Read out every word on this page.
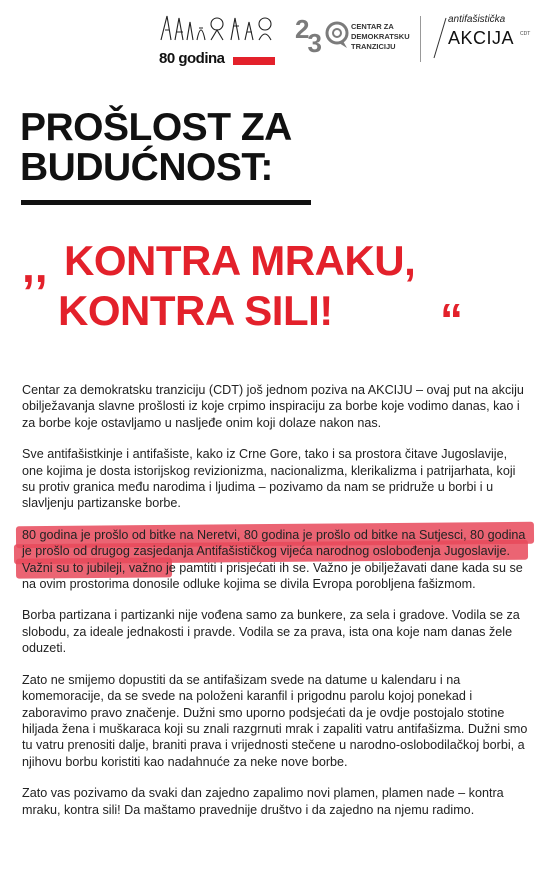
80 godina
23
CENTAR ZA
DEMOKRATSKU
TRANZICIJU
antifašistička
AKCIJA CDT
PROŠLOST ZA
BUDUĆNOST:
,, KONTRA MRAKU,
KONTRA SILI!	“

Centar za demokratsku tranziciju (CDT) još jednom poziva na AKCIJU – ovaj put na akciju obilježavanja slavne prošlosti iz koje crpimo inspiraciju za borbe koje vodimo danas, kao i za borbe koje ostavljamo u nasljeđe onim koji dolaze nakon nas.

Sve antifašistkinje i antifašiste, kako iz Crne Gore, tako i sa prostora čitave Jugoslavije, one kojima je dosta istorijskog revizionizma, nacionalizma, klerikalizma i patrijarhata, koji su protiv granica među narodima i ljudima – pozivamo da nam se pridruže u borbi i u slavljenju partizanske borbe.

80 godina je prošlo od bitke na Neretvi, 80 godina je prošlo od bitke na Sutjesci, 80 godina je prošlo od drugog zasjedanja Antifašističkog vijeća narodnog oslobođenja Jugoslavije. Važni su to jubileji, važno je pamtiti i prisjećati ih se. Važno je obilježavati dane kada su se na ovim prostorima donosile odluke kojima se divila Evropa porobljena fašizmom.

Borba partizana i partizanki nije vođena samo za bunkere, za sela i gradove. Vodila se za slobodu, za ideale jednakosti i pravde. Vodila se za prava, ista ona koje nam danas žele oduzeti.

Zato ne smijemo dopustiti da se antifašizam svede na datume u kalendaru i na komemoracije, da se svede na položeni karanfil i prigodnu parolu kojoj ponekad i zaboravimo pravo značenje. Dužni smo uporno podsjećati da je ovdje postojalo stotine hiljada žena i muškaraca koji su znali razgrnuti mrak i zapaliti vatru antifašizma. Dužni smo tu vatru prenositi dalje, braniti prava i vrijednosti stečene u narodno-oslobodilačkoj borbi, a njihovu borbu koristiti kao nadahnuće za neke nove borbe.

Zato vas pozivamo da svaki dan zajedno zapalimo novi plamen, plamen nade – kontra mraku, kontra sili! Da maštamo pravednije društvo i da zajedno na njemu radimo.
